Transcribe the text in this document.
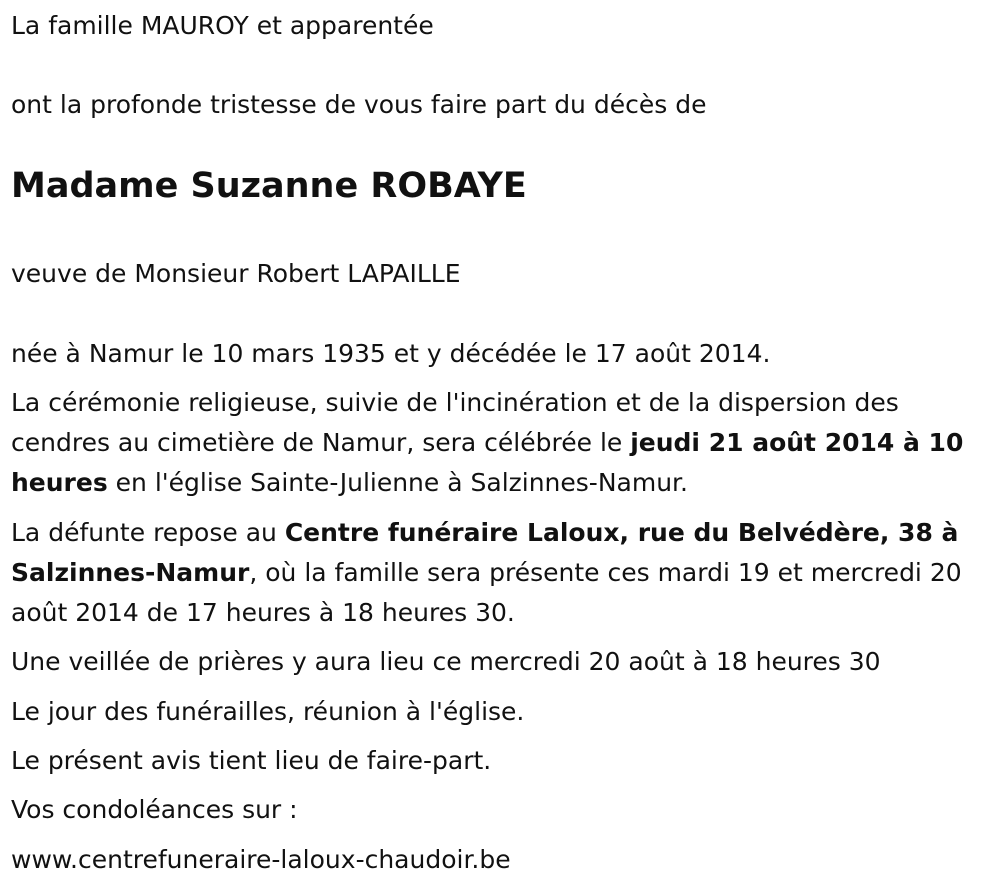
La famille MAUROY et apparentée

ont la profonde tristesse de vous faire part du décès de

Madame Suzanne ROBAYE

veuve de Monsieur Robert LAPAILLE

née à Namur le 10 mars 1935 et y décédée le 17 août 2014.

La cérémonie religieuse, suivie de l'incinération et de la dispersion des cendres au cimetière de Namur, sera célébrée le jeudi 21 août 2014 à 10 heures en l'église Sainte-Julienne à Salzinnes-Namur.

La défunte repose au Centre funéraire Laloux, rue du Belvédère, 38 à Salzinnes-Namur, où la famille sera présente ces mardi 19 et mercredi 20 août 2014 de 17 heures à 18 heures 30.

Une veillée de prières y aura lieu ce mercredi 20 août à 18 heures 30

Le jour des funérailles, réunion à l'église.

Le présent avis tient lieu de faire-part.

Vos condoléances sur :

www.centrefuneraire-laloux-chaudoir.be
